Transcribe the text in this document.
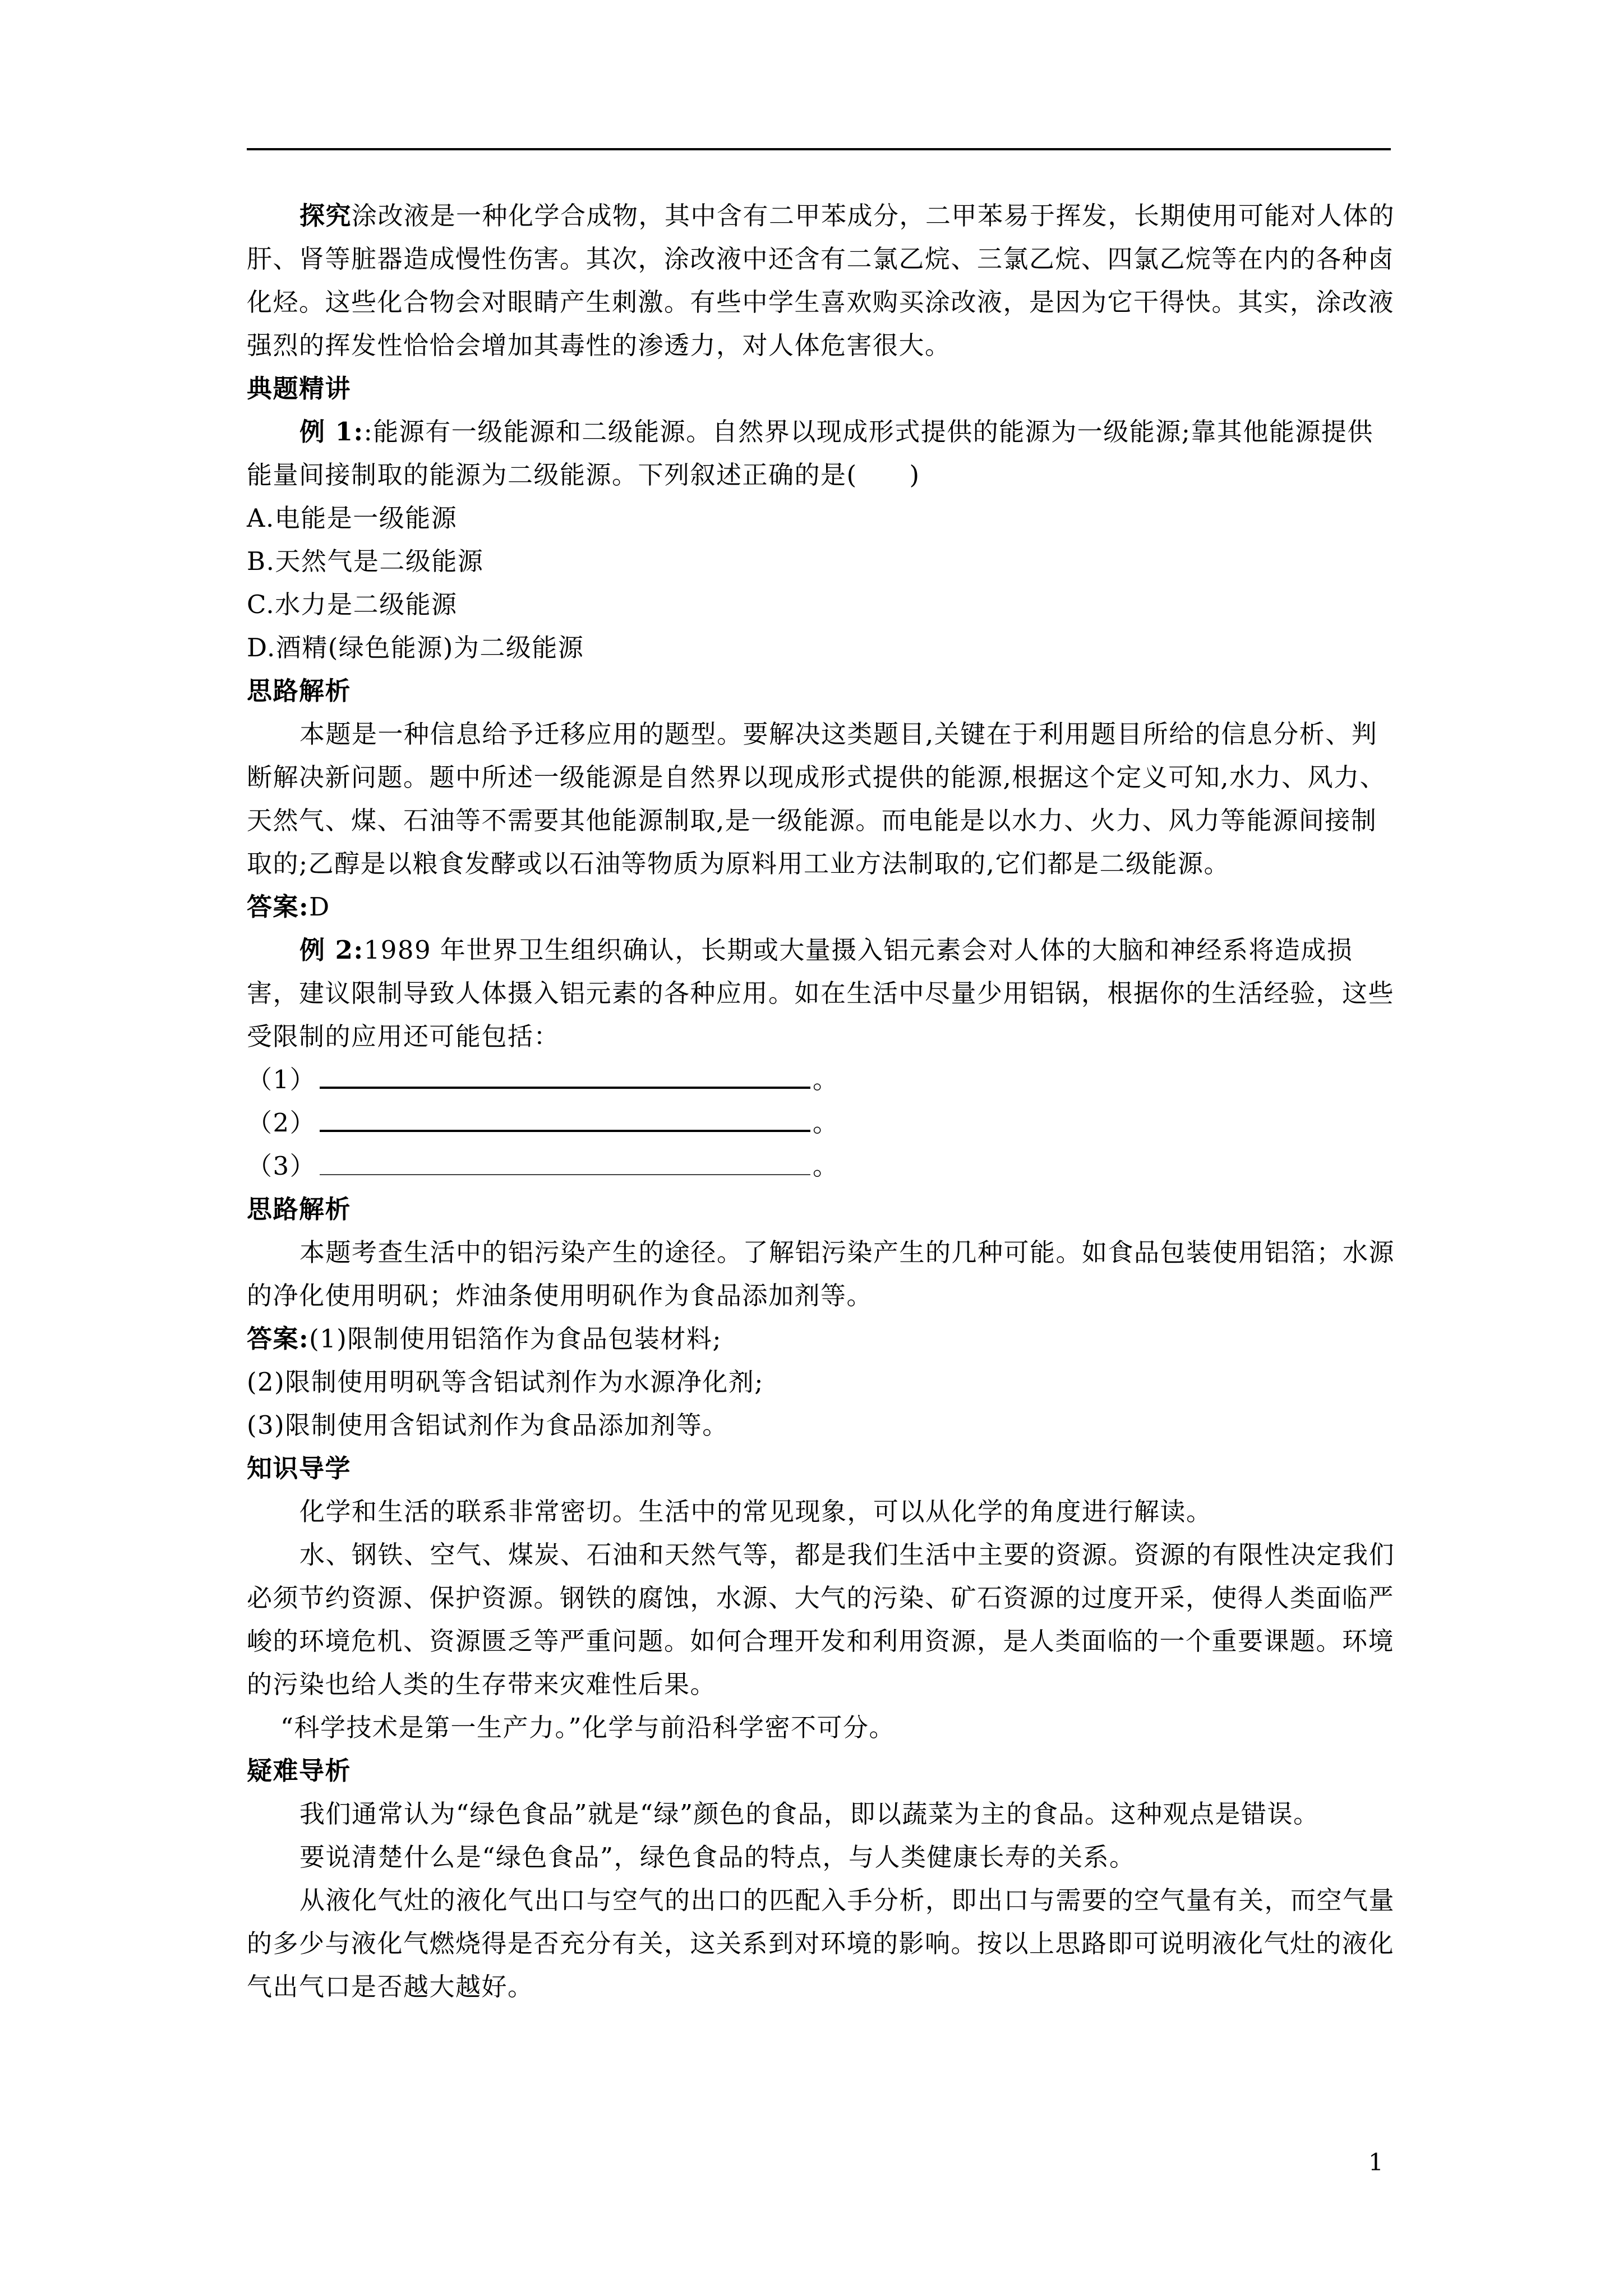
探究涂改液是一种化学合成物，其中含有二甲苯成分，二甲苯易于挥发，长期使用可能对人体的肝、肾等脏器造成慢性伤害。其次，涂改液中还含有二氯乙烷、三氯乙烷、四氯乙烷等在内的各种卤化烃。这些化合物会对眼睛产生刺激。有些中学生喜欢购买涂改液，是因为它干得快。其实，涂改液强烈的挥发性恰恰会增加其毒性的渗透力，对人体危害很大。

典题精讲

例 1::能源有一级能源和二级能源。自然界以现成形式提供的能源为一级能源;靠其他能源提供能量间接制取的能源为二级能源。下列叙述正确的是(　　)

A.电能是一级能源

B.天然气是二级能源

C.水力是二级能源

D.酒精(绿色能源)为二级能源

思路解析

本题是一种信息给予迁移应用的题型。要解决这类题目,关键在于利用题目所给的信息分析、判断解决新问题。题中所述一级能源是自然界以现成形式提供的能源,根据这个定义可知,水力、风力、天然气、煤、石油等不需要其他能源制取,是一级能源。而电能是以水力、火力、风力等能源间接制取的;乙醇是以粮食发酵或以石油等物质为原料用工业方法制取的,它们都是二级能源。

答案:D

例 2:1989 年世界卫生组织确认，长期或大量摄入铝元素会对人体的大脑和神经系将造成损害，建议限制导致人体摄入铝元素的各种应用。如在生活中尽量少用铝锅，根据你的生活经验，这些受限制的应用还可能包括：

（1）	。
（2）	。
（3）	。

思路解析

本题考查生活中的铝污染产生的途径。了解铝污染产生的几种可能。如食品包装使用铝箔；水源的净化使用明矾；炸油条使用明矾作为食品添加剂等。

答案:(1)限制使用铝箔作为食品包装材料;

(2)限制使用明矾等含铝试剂作为水源净化剂;

(3)限制使用含铝试剂作为食品添加剂等。

知识导学

化学和生活的联系非常密切。生活中的常见现象，可以从化学的角度进行解读。

水、钢铁、空气、煤炭、石油和天然气等，都是我们生活中主要的资源。资源的有限性决定我们必须节约资源、保护资源。钢铁的腐蚀，水源、大气的污染、矿石资源的过度开采，使得人类面临严峻的环境危机、资源匮乏等严重问题。如何合理开发和利用资源，是人类面临的一个重要课题。环境的污染也给人类的生存带来灾难性后果。

“科学技术是第一生产力。”化学与前沿科学密不可分。

疑难导析

我们通常认为“绿色食品”就是“绿”颜色的食品，即以蔬菜为主的食品。这种观点是错误。

要说清楚什么是“绿色食品”，绿色食品的特点，与人类健康长寿的关系。

从液化气灶的液化气出口与空气的出口的匹配入手分析，即出口与需要的空气量有关，而空气量的多少与液化气燃烧得是否充分有关，这关系到对环境的影响。按以上思路即可说明液化气灶的液化气出气口是否越大越好。

1
